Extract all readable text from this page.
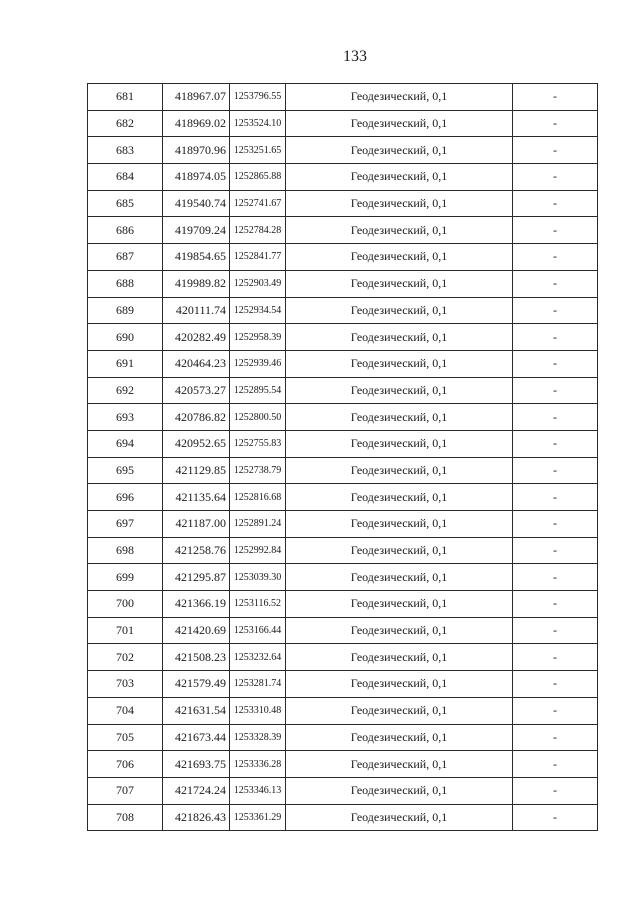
133
681	418967.07	1253796.55	Геодезический, 0,1	-
682	418969.02	1253524.10	Геодезический, 0,1	-
683	418970.96	1253251.65	Геодезический, 0,1	-
684	418974.05	1252865.88	Геодезический, 0,1	-
685	419540.74	1252741.67	Геодезический, 0,1	-
686	419709.24	1252784.28	Геодезический, 0,1	-
687	419854.65	1252841.77	Геодезический, 0,1	-
688	419989.82	1252903.49	Геодезический, 0,1	-
689	420111.74	1252934.54	Геодезический, 0,1	-
690	420282.49	1252958.39	Геодезический, 0,1	-
691	420464.23	1252939.46	Геодезический, 0,1	-
692	420573.27	1252895.54	Геодезический, 0,1	-
693	420786.82	1252800.50	Геодезический, 0,1	-
694	420952.65	1252755.83	Геодезический, 0,1	-
695	421129.85	1252738.79	Геодезический, 0,1	-
696	421135.64	1252816.68	Геодезический, 0,1	-
697	421187.00	1252891.24	Геодезический, 0,1	-
698	421258.76	1252992.84	Геодезический, 0,1	-
699	421295.87	1253039.30	Геодезический, 0,1	-
700	421366.19	1253116.52	Геодезический, 0,1	-
701	421420.69	1253166.44	Геодезический, 0,1	-
702	421508.23	1253232.64	Геодезический, 0,1	-
703	421579.49	1253281.74	Геодезический, 0,1	-
704	421631.54	1253310.48	Геодезический, 0,1	-
705	421673.44	1253328.39	Геодезический, 0,1	-
706	421693.75	1253336.28	Геодезический, 0,1	-
707	421724.24	1253346.13	Геодезический, 0,1	-
708	421826.43	1253361.29	Геодезический, 0,1	-
